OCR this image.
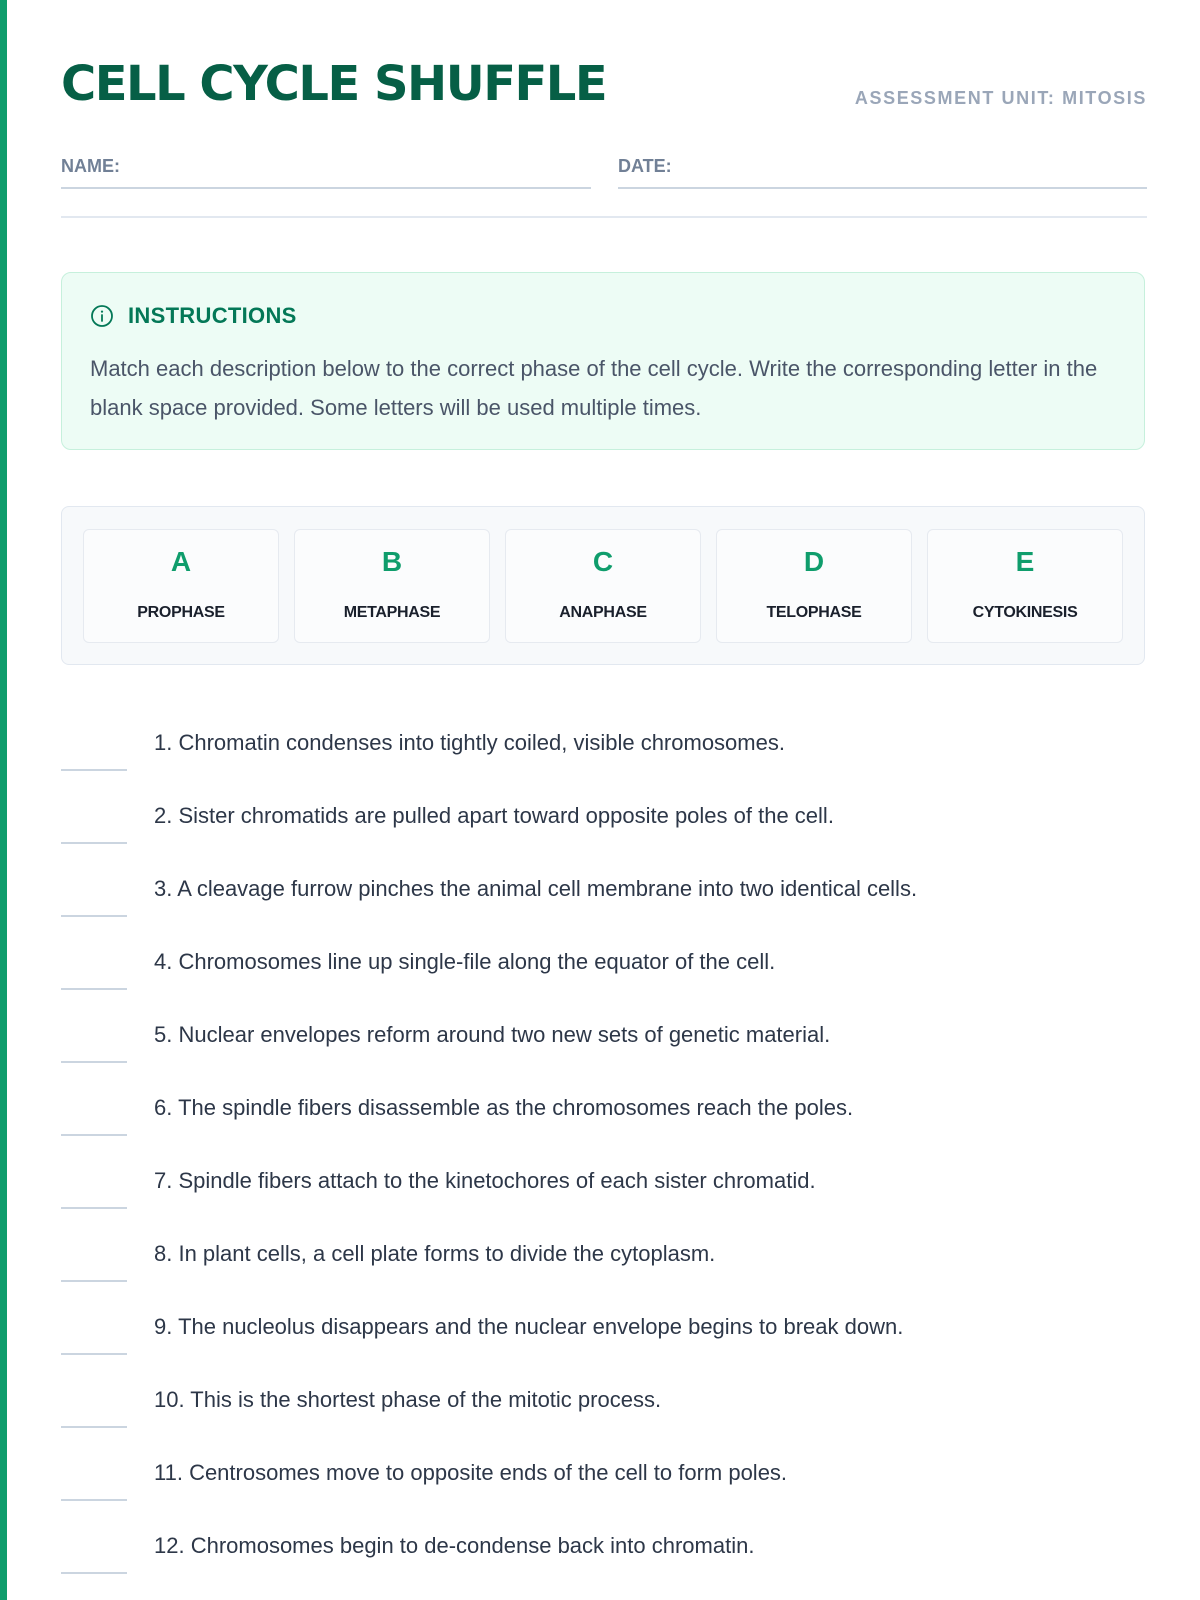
CELL CYCLE SHUFFLE	ASSESSMENT UNIT: MITOSIS
NAME:	DATE:
INSTRUCTIONS

Match each description below to the correct phase of the cell cycle. Write the corresponding letter in the blank space provided. Some letters will be used multiple times.

A
PROPHASE
B
METAPHASE
C
ANAPHASE
D
TELOPHASE
E
CYTOKINESIS
1. Chromatin condenses into tightly coiled, visible chromosomes.
2. Sister chromatids are pulled apart toward opposite poles of the cell.
3. A cleavage furrow pinches the animal cell membrane into two identical cells.
4. Chromosomes line up single-file along the equator of the cell.
5. Nuclear envelopes reform around two new sets of genetic material.
6. The spindle fibers disassemble as the chromosomes reach the poles.
7. Spindle fibers attach to the kinetochores of each sister chromatid.
8. In plant cells, a cell plate forms to divide the cytoplasm.
9. The nucleolus disappears and the nuclear envelope begins to break down.
10. This is the shortest phase of the mitotic process.
11. Centrosomes move to opposite ends of the cell to form poles.
12. Chromosomes begin to de-condense back into chromatin.
